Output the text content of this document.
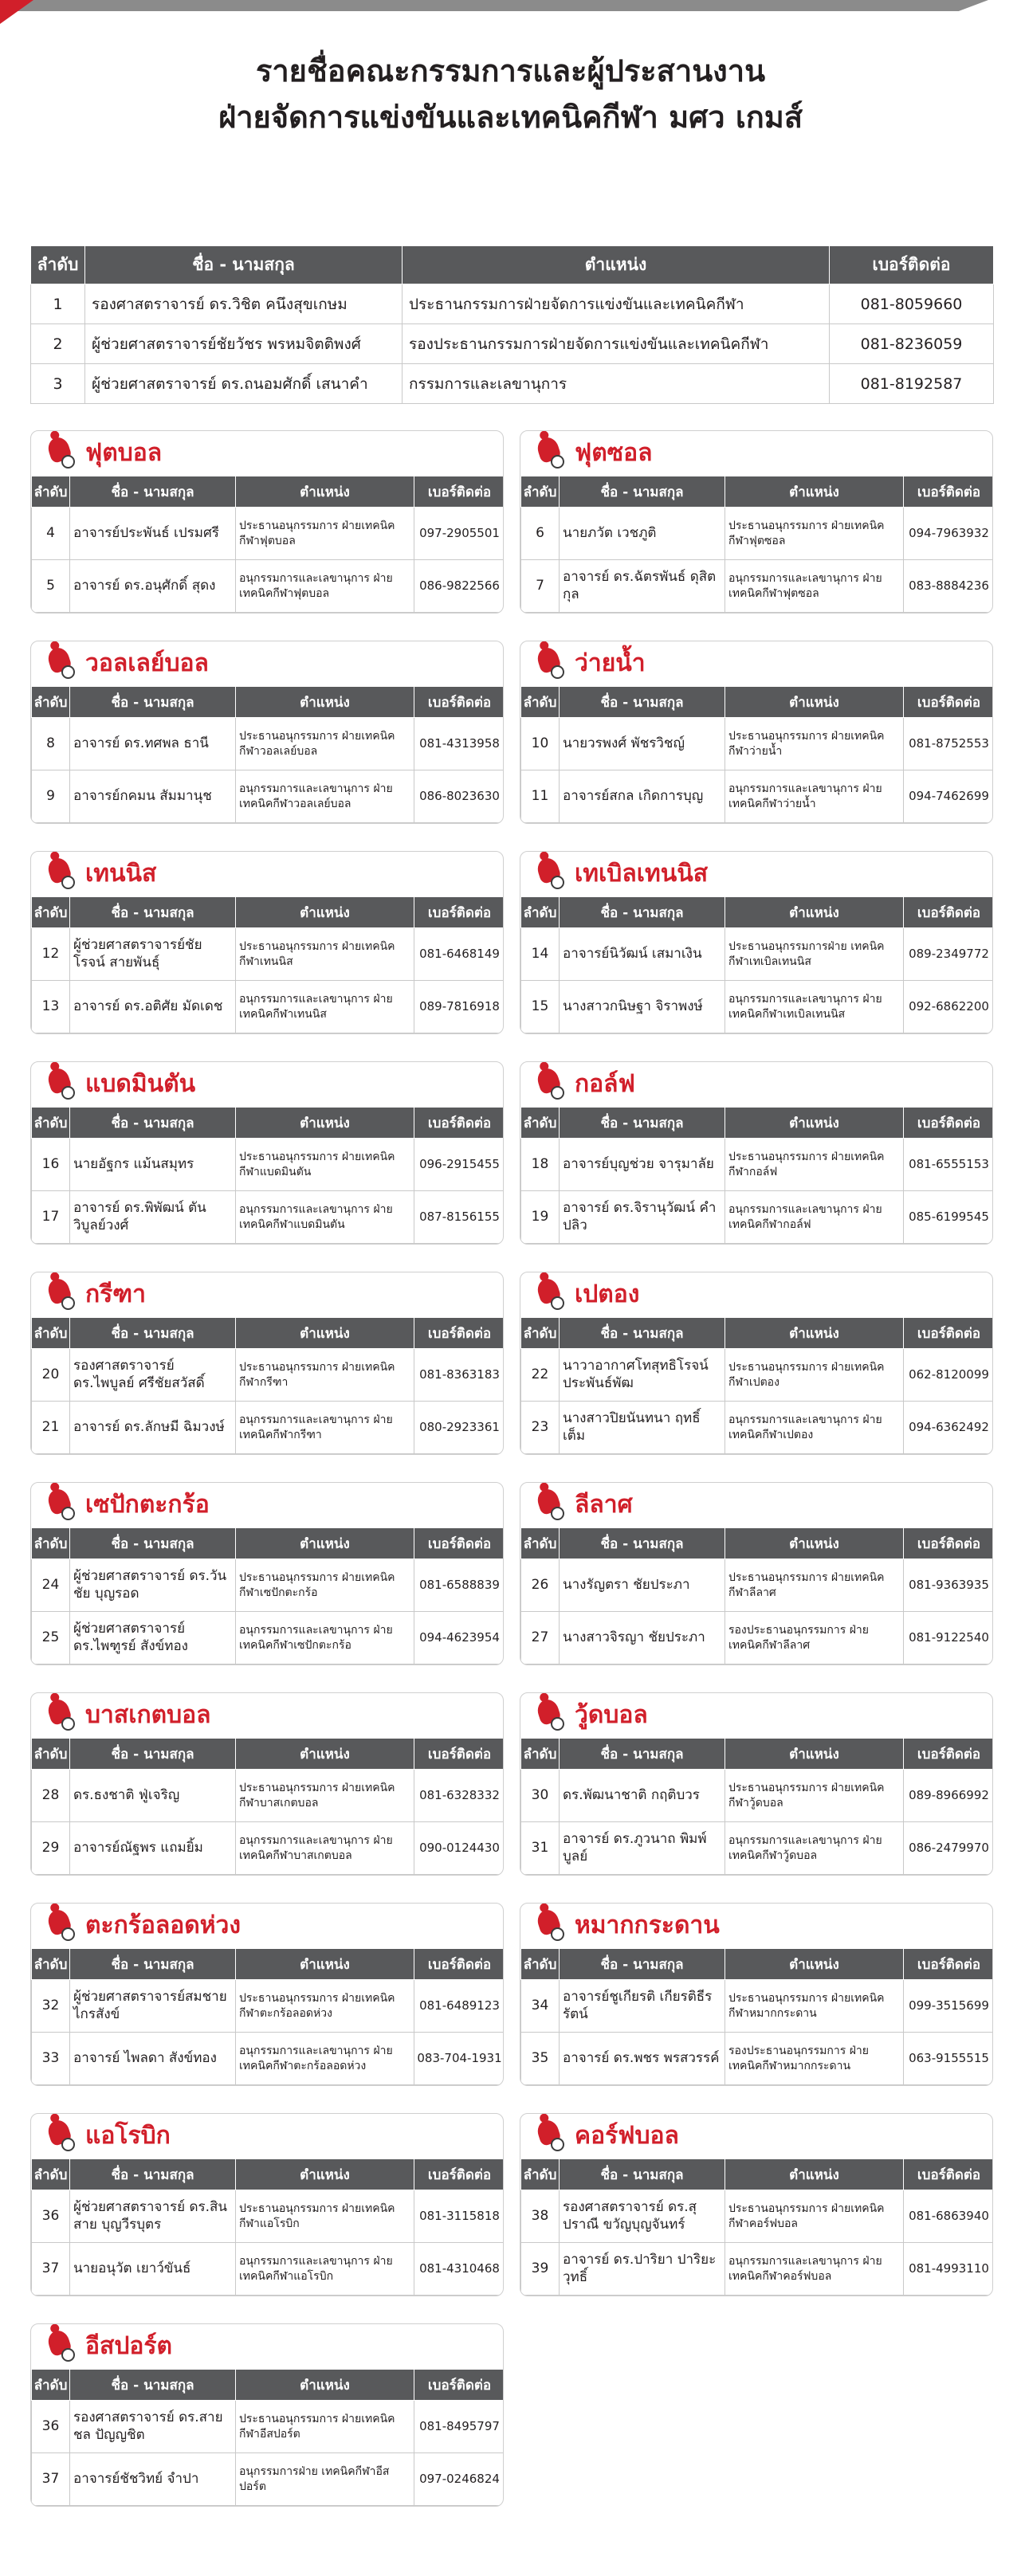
รายชื่อคณะกรรมการและผู้ประสานงาน
ฝ่ายจัดการแข่งขันและเทคนิคกีฬา มศว เกมส์
ลำดับ	ชื่อ - นามสกุล	ตำแหน่ง	เบอร์ติดต่อ
1	รองศาสตราจารย์ ดร.วิชิต คนึงสุขเกษม	ประธานกรรมการฝ่ายจัดการแข่งขันและเทคนิคกีฬา	081-8059660
2	ผู้ช่วยศาสตราจารย์ชัยวัชร พรหมจิตติพงศ์	รองประธานกรรมการฝ่ายจัดการแข่งขันและเทคนิคกีฬา	081-8236059
3	ผู้ช่วยศาสตราจารย์ ดร.ถนอมศักดิ์ เสนาคำ	กรรมการและเลขานุการ	081-8192587
ฟุตบอล
ลำดับ	ชื่อ - นามสกุล	ตำแหน่ง	เบอร์ติดต่อ
4	อาจารย์ประพันธ์ เปรมศรี	ประธานอนุกรรมการ ฝ่ายเทคนิคกีฬาฟุตบอล	097-2905501
5	อาจารย์ ดร.อนุศักดิ์ สุดง	อนุกรรมการและเลขานุการ ฝ่ายเทคนิคกีฬาฟุตบอล	086-9822566
ฟุตซอล
ลำดับ	ชื่อ - นามสกุล	ตำแหน่ง	เบอร์ติดต่อ
6	นายภวัต เวชภูติ	ประธานอนุกรรมการ ฝ่ายเทคนิคกีฬาฟุตซอล	094-7963932
7	อาจารย์ ดร.ฉัตรพันธ์ ดุสิตกุล	อนุกรรมการและเลขานุการ ฝ่ายเทคนิคกีฬาฟุตซอล	083-8884236
วอลเลย์บอล
ลำดับ	ชื่อ - นามสกุล	ตำแหน่ง	เบอร์ติดต่อ
8	อาจารย์ ดร.ทศพล ธานี	ประธานอนุกรรมการ ฝ่ายเทคนิคกีฬาวอลเลย์บอล	081-4313958
9	อาจารย์กคมน สัมมานุช	อนุกรรมการและเลขานุการ ฝ่ายเทคนิคกีฬาวอลเลย์บอล	086-8023630
ว่ายน้ำ
ลำดับ	ชื่อ - นามสกุล	ตำแหน่ง	เบอร์ติดต่อ
10	นายวรพงศ์ พัชรวิชญ์	ประธานอนุกรรมการ ฝ่ายเทคนิคกีฬาว่ายน้ำ	081-8752553
11	อาจารย์สกล เกิดการบุญ	อนุกรรมการและเลขานุการ ฝ่ายเทคนิคกีฬาว่ายน้ำ	094-7462699
เทนนิส
ลำดับ	ชื่อ - นามสกุล	ตำแหน่ง	เบอร์ติดต่อ
12	ผู้ช่วยศาสตราจารย์ชัยโรจน์ สายพันธุ์	ประธานอนุกรรมการ ฝ่ายเทคนิคกีฬาเทนนิส	081-6468149
13	อาจารย์ ดร.อติศัย มัดเดช	อนุกรรมการและเลขานุการ ฝ่ายเทคนิคกีฬาเทนนิส	089-7816918
เทเบิลเทนนิส
ลำดับ	ชื่อ - นามสกุล	ตำแหน่ง	เบอร์ติดต่อ
14	อาจารย์นิวัฒน์ เสมาเงิน	ประธานอนุกรรมการฝ่าย เทคนิคกีฬาเทเบิลเทนนิส	089-2349772
15	นางสาวกนิษฐา จิราพงษ์	อนุกรรมการและเลขานุการ ฝ่ายเทคนิคกีฬาเทเบิลเทนนิส	092-6862200
แบดมินตัน
ลำดับ	ชื่อ - นามสกุล	ตำแหน่ง	เบอร์ติดต่อ
16	นายอัฐกร แม้นสมุทร	ประธานอนุกรรมการ ฝ่ายเทคนิคกีฬาแบดมินตัน	096-2915455
17	อาจารย์ ดร.พิพัฒน์ ตันวิบูลย์วงศ์	อนุกรรมการและเลขานุการ ฝ่ายเทคนิคกีฬาแบดมินตัน	087-8156155
กอล์ฟ
ลำดับ	ชื่อ - นามสกุล	ตำแหน่ง	เบอร์ติดต่อ
18	อาจารย์บุญช่วย จารุมาลัย	ประธานอนุกรรมการ ฝ่ายเทคนิคกีฬากอล์ฟ	081-6555153
19	อาจารย์ ดร.จิรานุวัฒน์ คำปลิว	อนุกรรมการและเลขานุการ ฝ่ายเทคนิคกีฬากอล์ฟ	085-6199545
กรีฑา
ลำดับ	ชื่อ - นามสกุล	ตำแหน่ง	เบอร์ติดต่อ
20	รองศาสตราจารย์ ดร.ไพบูลย์ ศรีชัยสวัสดิ์	ประธานอนุกรรมการ ฝ่ายเทคนิคกีฬากรีฑา	081-8363183
21	อาจารย์ ดร.ลักษมี ฉิมวงษ์	อนุกรรมการและเลขานุการ ฝ่ายเทคนิคกีฬากรีฑา	080-2923361
เปตอง
ลำดับ	ชื่อ - นามสกุล	ตำแหน่ง	เบอร์ติดต่อ
22	นาวาอากาศโทสุทธิโรจน์ ประพันธ์พัฒ	ประธานอนุกรรมการ ฝ่ายเทคนิคกีฬาเปตอง	062-8120099
23	นางสาวปิยนันทนา ฤทธิ์เต็ม	อนุกรรมการและเลขานุการ ฝ่ายเทคนิคกีฬาเปตอง	094-6362492
เซปักตะกร้อ
ลำดับ	ชื่อ - นามสกุล	ตำแหน่ง	เบอร์ติดต่อ
24	ผู้ช่วยศาสตราจารย์ ดร.วันชัย บุญรอด	ประธานอนุกรรมการ ฝ่ายเทคนิคกีฬาเซปักตะกร้อ	081-6588839
25	ผู้ช่วยศาสตราจารย์ ดร.ไพฑูรย์ สังข์ทอง	อนุกรรมการและเลขานุการ ฝ่ายเทคนิคกีฬาเซปักตะกร้อ	094-4623954
ลีลาศ
ลำดับ	ชื่อ - นามสกุล	ตำแหน่ง	เบอร์ติดต่อ
26	นางรัญตรา ชัยประภา	ประธานอนุกรรมการ ฝ่ายเทคนิคกีฬาลีลาศ	081-9363935
27	นางสาวจิรญา ชัยประภา	รองประธานอนุกรรมการ ฝ่ายเทคนิคกีฬาลีลาศ	081-9122540
บาสเกตบอล
ลำดับ	ชื่อ - นามสกุล	ตำแหน่ง	เบอร์ติดต่อ
28	ดร.ธงชาติ ฟู่เจริญ	ประธานอนุกรรมการ ฝ่ายเทคนิคกีฬาบาสเกตบอล	081-6328332
29	อาจารย์ณัฐพร แถมยิ้ม	อนุกรรมการและเลขานุการ ฝ่ายเทคนิคกีฬาบาสเกตบอล	090-0124430
วู้ดบอล
ลำดับ	ชื่อ - นามสกุล	ตำแหน่ง	เบอร์ติดต่อ
30	ดร.พัฒนาชาติ กฤติบวร	ประธานอนุกรรมการ ฝ่ายเทคนิคกีฬาวู้ดบอล	089-8966992
31	อาจารย์ ดร.ภูวนาถ พิมพ์บูลย์	อนุกรรมการและเลขานุการ ฝ่ายเทคนิคกีฬาวู้ดบอล	086-2479970
ตะกร้อลอดห่วง
ลำดับ	ชื่อ - นามสกุล	ตำแหน่ง	เบอร์ติดต่อ
32	ผู้ช่วยศาสตราจารย์สมชาย ไกรสังข์	ประธานอนุกรรมการ ฝ่ายเทคนิคกีฬาตะกร้อลอดห่วง	081-6489123
33	อาจารย์ ไพลดา สังข์ทอง	อนุกรรมการและเลขานุการ ฝ่ายเทคนิคกีฬาตะกร้อลอดห่วง	083-704-1931
หมากกระดาน
ลำดับ	ชื่อ - นามสกุล	ตำแหน่ง	เบอร์ติดต่อ
34	อาจารย์ชูเกียรติ เกียรติธีรรัตน์	ประธานอนุกรรมการ ฝ่ายเทคนิคกีฬาหมากกระดาน	099-3515699
35	อาจารย์ ดร.พชร พรสวรรค์	รองประธานอนุกรรมการ ฝ่ายเทคนิคกีฬาหมากกระดาน	063-9155515
แอโรบิก
ลำดับ	ชื่อ - นามสกุล	ตำแหน่ง	เบอร์ติดต่อ
36	ผู้ช่วยศาสตราจารย์ ดร.สินสาย บุญวีรบุตร	ประธานอนุกรรมการ ฝ่ายเทคนิคกีฬาแอโรบิก	081-3115818
37	นายอนุวัต เยาว์ขันธ์	อนุกรรมการและเลขานุการ ฝ่ายเทคนิคกีฬาแอโรบิก	081-4310468
คอร์ฟบอล
ลำดับ	ชื่อ - นามสกุล	ตำแหน่ง	เบอร์ติดต่อ
38	รองศาสตราจารย์ ดร.สุปราณี ขวัญบุญจันทร์	ประธานอนุกรรมการ ฝ่ายเทคนิคกีฬาคอร์ฟบอล	081-6863940
39	อาจารย์ ดร.ปาริยา ปาริยะวุทธิ์	อนุกรรมการและเลขานุการ ฝ่ายเทคนิคกีฬาคอร์ฟบอล	081-4993110
อีสปอร์ต
ลำดับ	ชื่อ - นามสกุล	ตำแหน่ง	เบอร์ติดต่อ
36	รองศาสตราจารย์ ดร.สายชล ปัญญชิต	ประธานอนุกรรมการ ฝ่ายเทคนิคกีฬาอีสปอร์ต	081-8495797
37	อาจารย์ชัชวิทย์ จำปา	อนุกรรมการฝ่าย เทคนิคกีฬาอีสปอร์ต	097-0246824
